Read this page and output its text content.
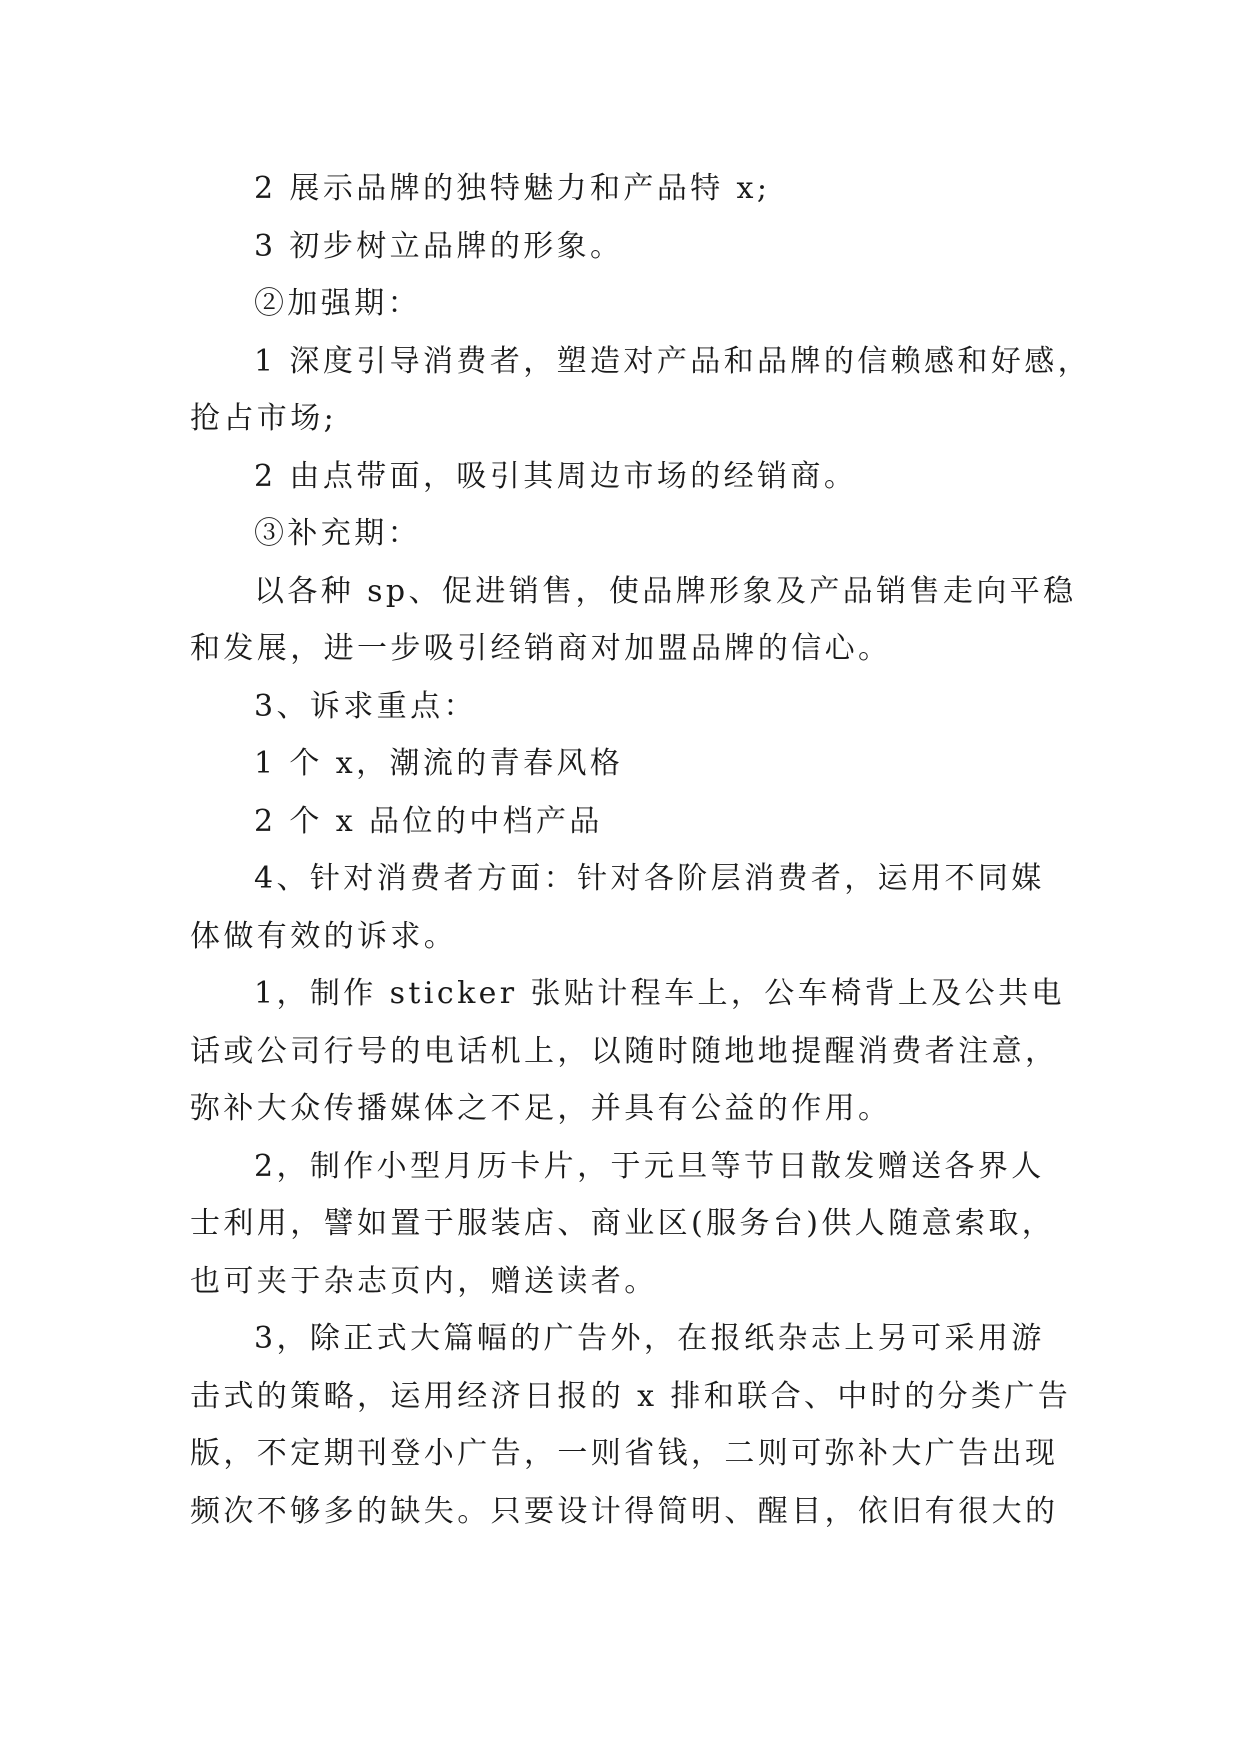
2 展示品牌的独特魅力和产品特 x;

3 初步树立品牌的形象。

②加强期：

1 深度引导消费者，塑造对产品和品牌的信赖感和好感，

抢占市场;

2 由点带面，吸引其周边市场的经销商。

③补充期：

以各种 sp、促进销售，使品牌形象及产品销售走向平稳

和发展，进一步吸引经销商对加盟品牌的信心。

3、诉求重点：

1 个 x，潮流的青春风格

2 个 x 品位的中档产品

4、针对消费者方面：针对各阶层消费者，运用不同媒

体做有效的诉求。

1，制作 sticker 张贴计程车上，公车椅背上及公共电

话或公司行号的电话机上，以随时随地地提醒消费者注意，

弥补大众传播媒体之不足，并具有公益的作用。

2，制作小型月历卡片，于元旦等节日散发赠送各界人

士利用，譬如置于服装店、商业区(服务台)供人随意索取，

也可夹于杂志页内，赠送读者。

3，除正式大篇幅的广告外，在报纸杂志上另可采用游

击式的策略，运用经济日报的 x 排和联合、中时的分类广告

版，不定期刊登小广告，一则省钱，二则可弥补大广告出现

频次不够多的缺失。只要设计得简明、醒目，依旧有很大的
